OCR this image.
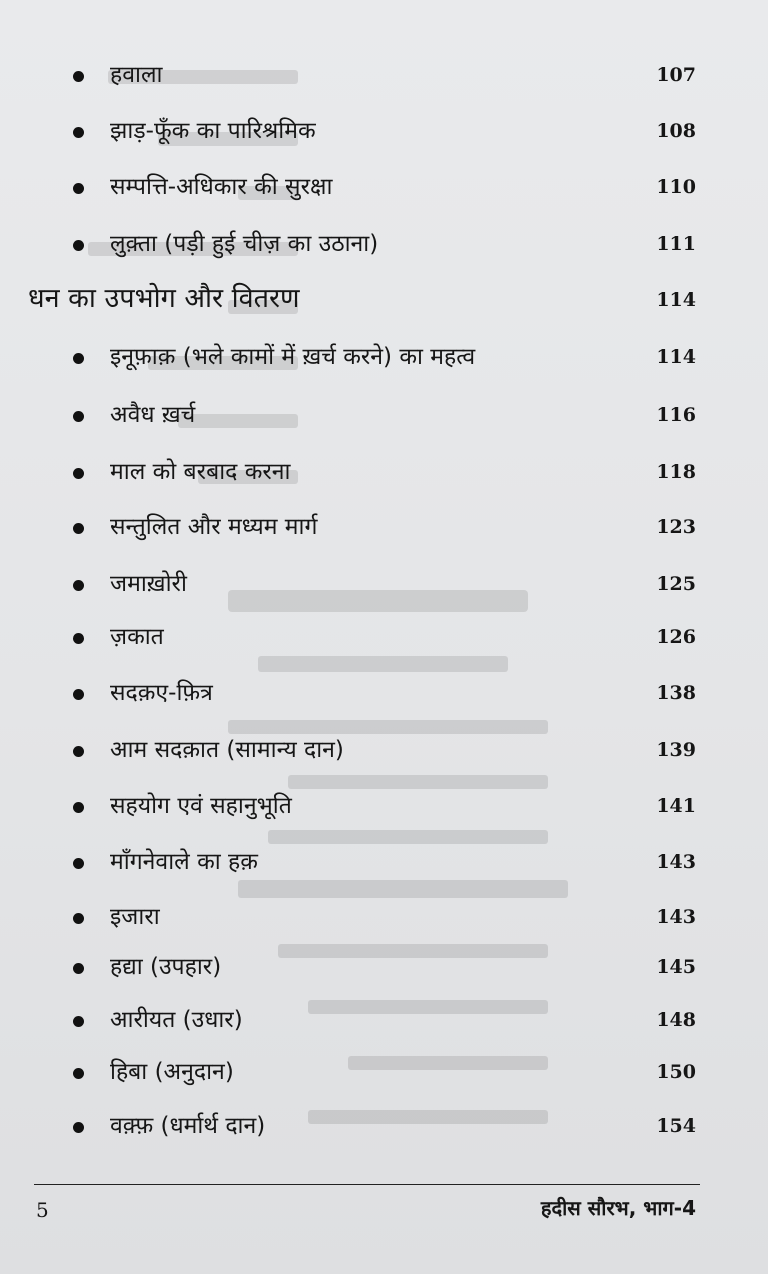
हवाला	107
झाड़-फूँक का पारिश्रमिक	108
सम्पत्ति-अधिकार की सुरक्षा	110
लुक़्ता (पड़ी हुई चीज़ का उठाना)	111
धन का उपभोग और वितरण	114
इनूफ़ाक़ (भले कामों में ख़र्च करने) का महत्व	114
अवैध ख़र्च	116
माल को बरबाद करना	118
सन्तुलित और मध्यम मार्ग	123
जमाख़ोरी	125
ज़कात	126
सदक़ए-फ़ित्र	138
आम सदक़ात (सामान्य दान)	139
सहयोग एवं सहानुभूति	141
माँगनेवाले का हक़	143
इजारा	143
हद्या (उपहार)	145
आरीयत (उधार)	148
हिबा (अनुदान)	150
वक़्फ़ (धर्मार्थ दान)	154
5	हदीस सौरभ, भाग-4
